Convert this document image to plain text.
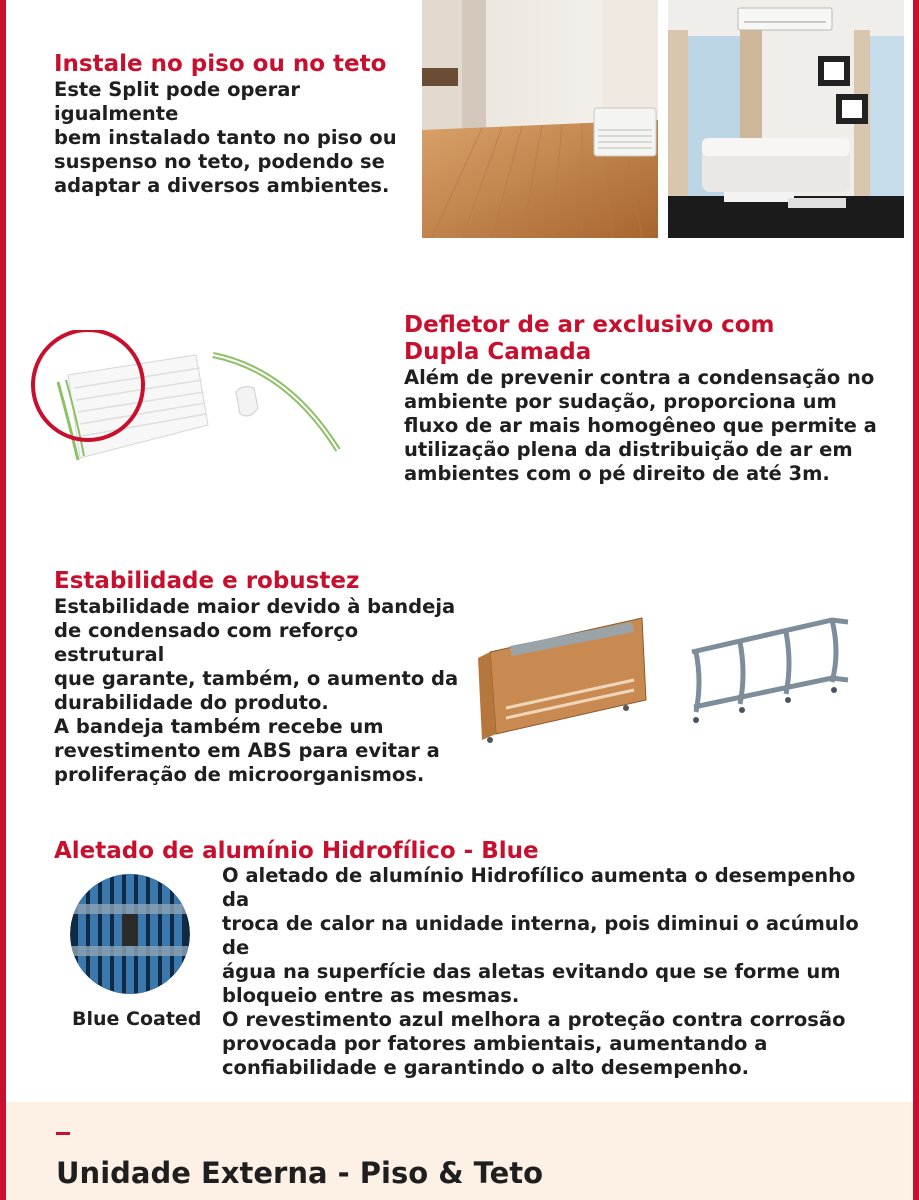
Instale no piso ou no teto

Este Split pode operar igualmente
bem instalado tanto no piso ou
suspenso no teto, podendo se
adaptar a diversos ambientes.

Defletor de ar exclusivo com
Dupla Camada

Além de prevenir contra a condensação no
ambiente por sudação, proporciona um
fluxo de ar mais homogêneo que permite a
utilização plena da distribuição de ar em
ambientes com o pé direito de até 3m.

Estabilidade e robustez

Estabilidade maior devido à bandeja
de condensado com reforço estrutural
que garante, também, o aumento da
durabilidade do produto.
A bandeja também recebe um
revestimento em ABS para evitar a
proliferação de microorganismos.

Aletado de alumínio Hidrofílico - Blue
Blue Coated

O aletado de alumínio Hidrofílico aumenta o desempenho da
troca de calor na unidade interna, pois diminui o acúmulo de
água na superfície das aletas evitando que se forme um
bloqueio entre as mesmas.
O revestimento azul melhora a proteção contra corrosão
provocada por fatores ambientais, aumentando a
confiabilidade e garantindo o alto desempenho.

Unidade Externa - Piso & Teto
